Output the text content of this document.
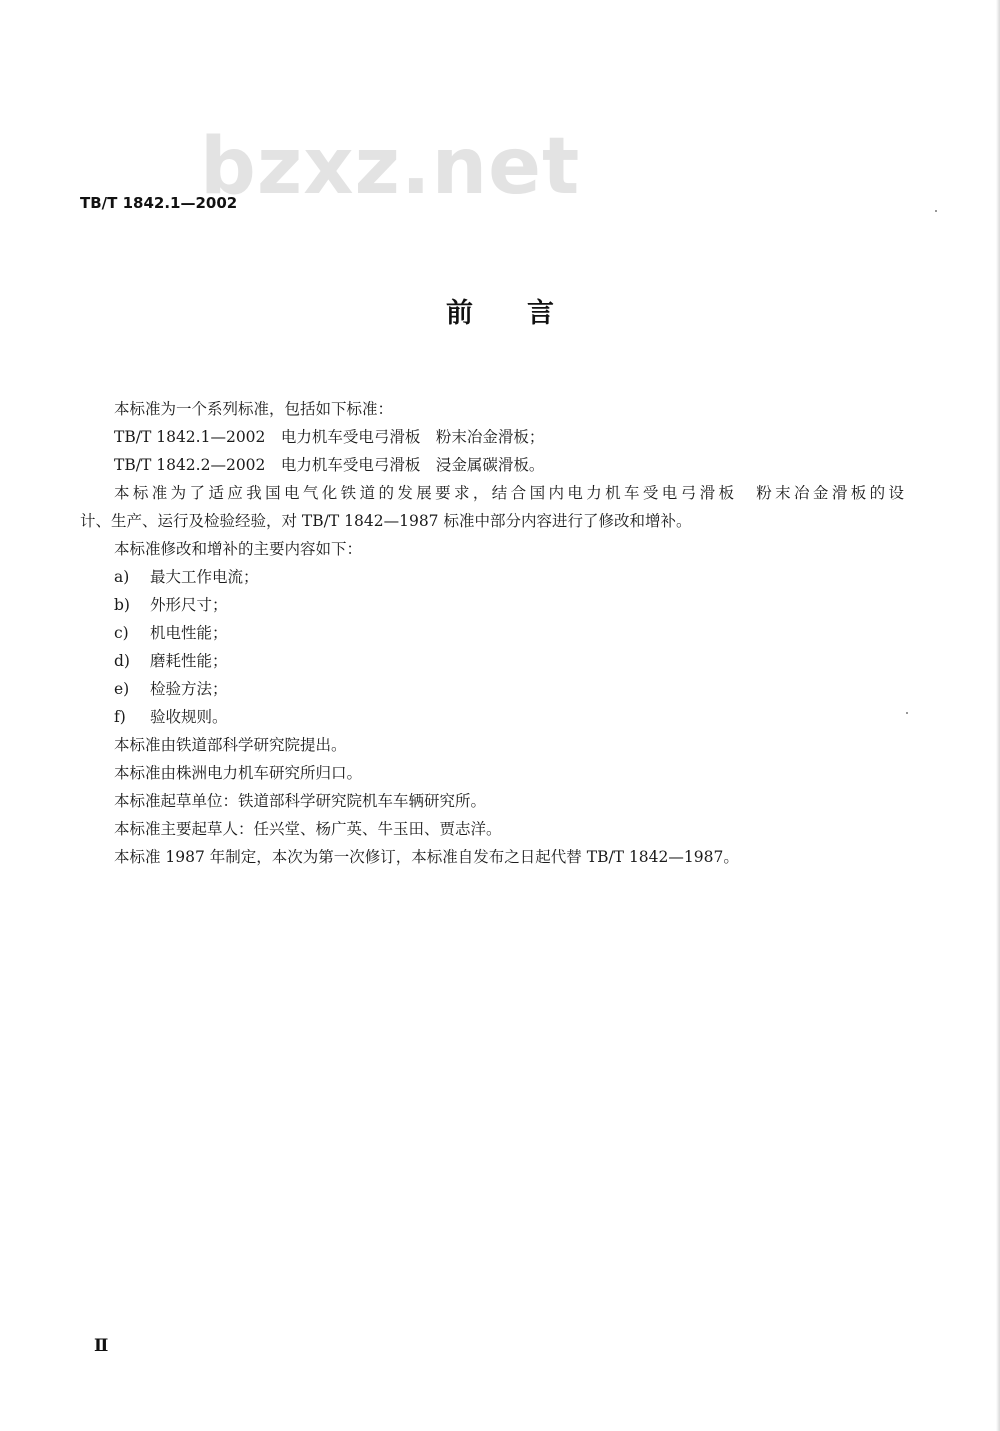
bzxz.net
TB/T 1842.1—2002
前言
本标准为一个系列标准，包括如下标准：
TB/T 1842.1—2002　电力机车受电弓滑板　粉末冶金滑板；
TB/T 1842.2—2002　电力机车受电弓滑板　浸金属碳滑板。
本标准为了适应我国电气化铁道的发展要求，结合国内电力机车受电弓滑板　粉末冶金滑板的设
计、生产、运行及检验经验，对 TB/T 1842—1987 标准中部分内容进行了修改和增补。
本标准修改和增补的主要内容如下：
a) 最大工作电流；
b) 外形尺寸；
c) 机电性能；
d) 磨耗性能；
e) 检验方法；
f) 验收规则。
本标准由铁道部科学研究院提出。
本标准由株洲电力机车研究所归口。
本标准起草单位：铁道部科学研究院机车车辆研究所。
本标准主要起草人：任兴堂、杨广英、牛玉田、贾志洋。
本标准 1987 年制定，本次为第一次修订，本标准自发布之日起代替 TB/T 1842—1987。
Ⅱ
